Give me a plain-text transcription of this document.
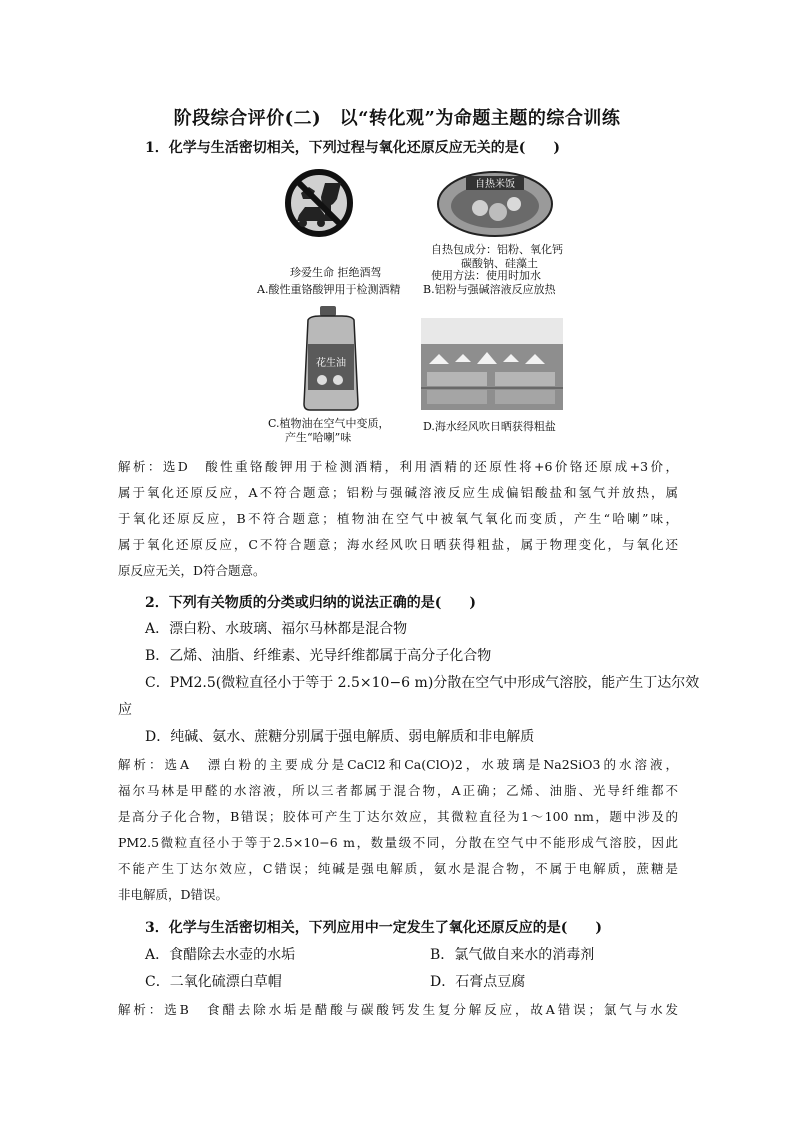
阶段综合评价(二)　以“转化观”为命题主题的综合训练
1．化学与生活密切相关，下列过程与氧化还原反应无关的是(　　)
珍爱生命 拒绝酒驾
A.酸性重铬酸钾用于检测酒精
自热米饭
自热包成分：铝粉、氧化钙
碳酸钠、硅藻土
使用方法：使用时加水
B.铝粉与强碱溶液反应放热
花生油
C.植物油在空气中变质，
产生“哈喇”味
D.海水经风吹日晒获得粗盐

解析：选D　酸性重铬酸钾用于检测酒精，利用酒精的还原性将+6价铬还原成+3价，

属于氧化还原反应，A不符合题意；铝粉与强碱溶液反应生成偏铝酸盐和氢气并放热，属

于氧化还原反应，B不符合题意；植物油在空气中被氧气氧化而变质，产生“哈喇”味，

属于氧化还原反应，C不符合题意；海水经风吹日晒获得粗盐，属于物理变化，与氧化还

原反应无关，D符合题意。

2．下列有关物质的分类或归纳的说法正确的是(　　)
A．漂白粉、水玻璃、福尔马林都是混合物
B．乙烯、油脂、纤维素、光导纤维都属于高分子化合物
C．PM2.5(微粒直径小于等于 2.5×10−6 m)分散在空气中形成气溶胶，能产生丁达尔效
应
D．纯碱、氨水、蔗糖分别属于强电解质、弱电解质和非电解质

解析：选A　漂白粉的主要成分是CaCl2和Ca(ClO)2，水玻璃是Na2SiO3的水溶液，

福尔马林是甲醛的水溶液，所以三者都属于混合物，A正确；乙烯、油脂、光导纤维都不

是高分子化合物，B错误；胶体可产生丁达尔效应，其微粒直径为1～100 nm，题中涉及的

PM2.5微粒直径小于等于2.5×10−6 m，数量级不同，分散在空气中不能形成气溶胶，因此

不能产生丁达尔效应，C错误；纯碱是强电解质，氨水是混合物，不属于电解质，蔗糖是

非电解质，D错误。

3．化学与生活密切相关，下列应用中一定发生了氧化还原反应的是(　　)
A．食醋除去水壶的水垢	B．氯气做自来水的消毒剂
C．二氧化硫漂白草帽	D．石膏点豆腐

解析：选B　食醋去除水垢是醋酸与碳酸钙发生复分解反应，故A错误；氯气与水发
